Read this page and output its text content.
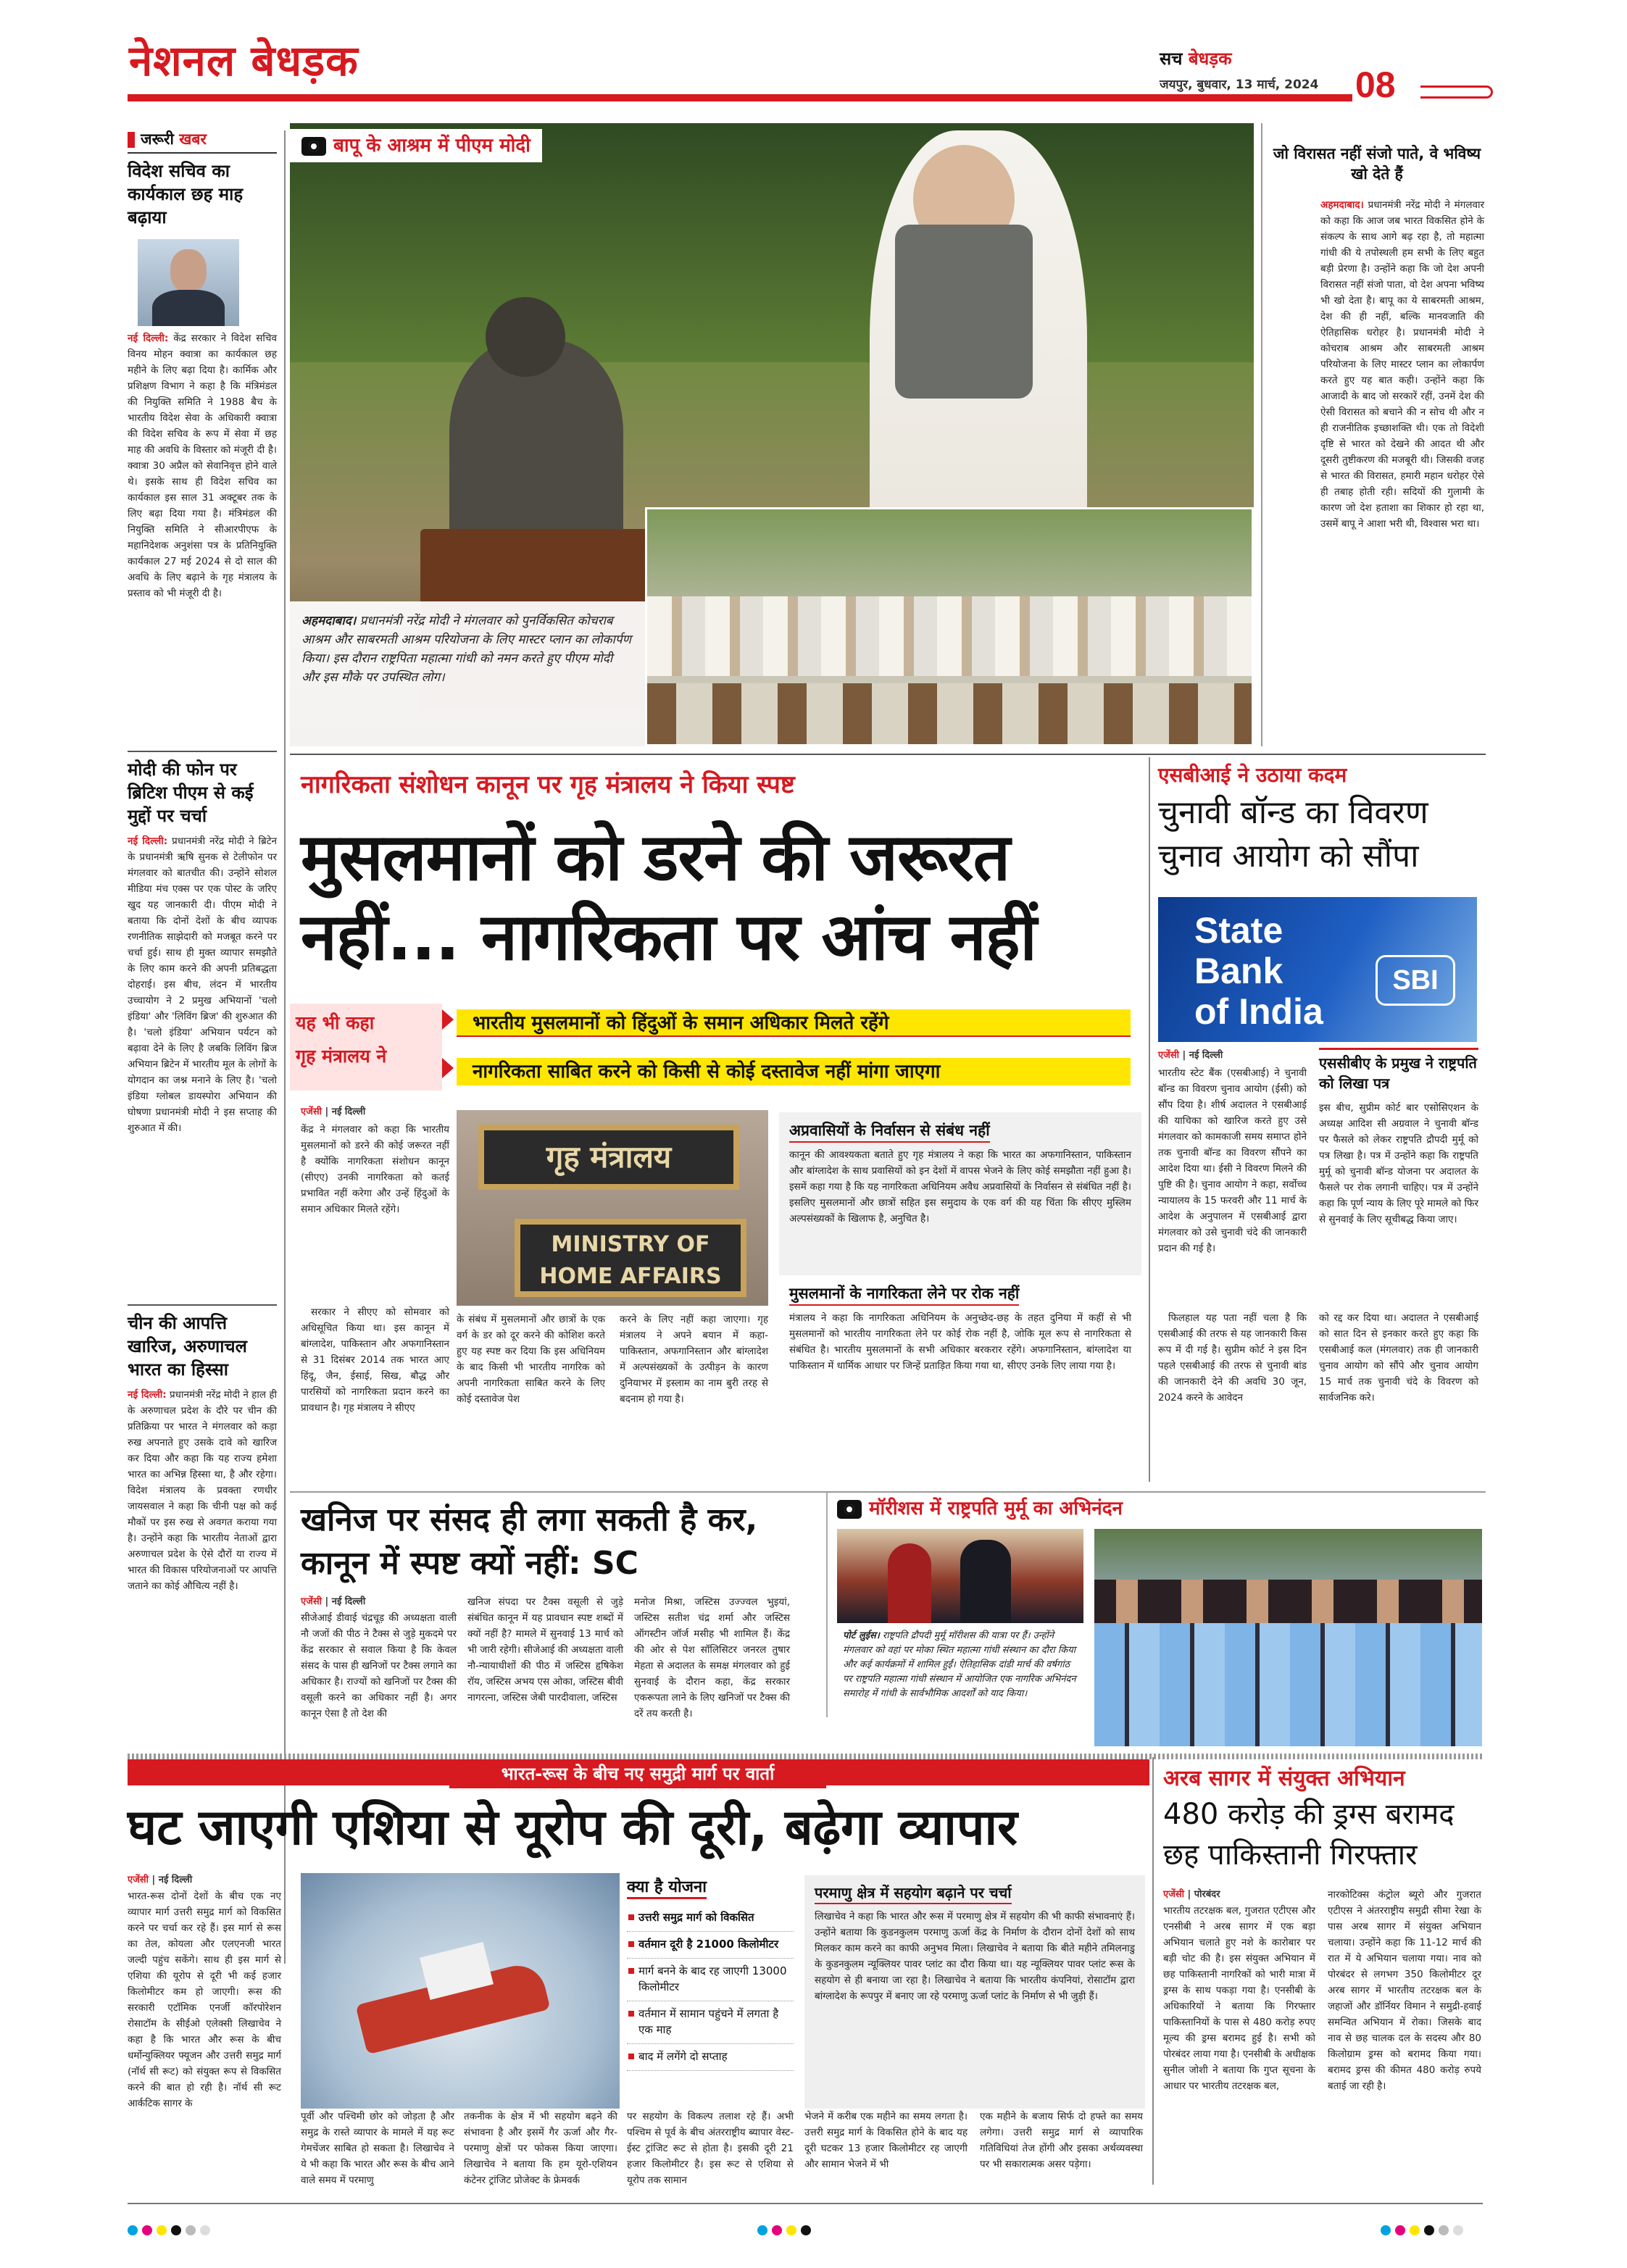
नेशनल बेधड़क	सच बेधड़क
जयपुर, बुधवार, 13 मार्च, 2024 08
जरूरी खबर
विदेश सचिव का कार्यकाल छह माह बढ़ाया
नई दिल्ली: केंद्र सरकार ने विदेश सचिव विनय मोहन क्वात्रा का कार्यकाल छह महीने के लिए बढ़ा दिया है। कार्मिक और प्रशिक्षण विभाग ने कहा है कि मंत्रिमंडल की नियुक्ति समिति ने 1988 बैच के भारतीय विदेश सेवा के अधिकारी क्वात्रा की विदेश सचिव के रूप में सेवा में छह माह की अवधि के विस्तार को मंजूरी दी है। क्वात्रा 30 अप्रैल को सेवानिवृत्त होने वाले थे। इसके साथ ही विदेश सचिव का कार्यकाल इस साल 31 अक्टूबर तक के लिए बढ़ा दिया गया है। मंत्रिमंडल की नियुक्ति समिति ने सीआरपीएफ के महानिदेशक अनुशंसा पत्र के प्रतिनियुक्ति कार्यकाल 27 मई 2024 से दो साल की अवधि के लिए बढ़ाने के गृह मंत्रालय के प्रस्ताव को भी मंजूरी दी है।
मोदी की फोन पर ब्रिटिश पीएम से कई मुद्दों पर चर्चा
नई दिल्ली: प्रधानमंत्री नरेंद्र मोदी ने ब्रिटेन के प्रधानमंत्री ऋषि सुनक से टेलीफोन पर मंगलवार को बातचीत की। उन्होंने सोशल मीडिया मंच एक्स पर एक पोस्ट के जरिए खुद यह जानकारी दी। पीएम मोदी ने बताया कि दोनों देशों के बीच व्यापक रणनीतिक साझेदारी को मजबूत करने पर चर्चा हुई। साथ ही मुक्त व्यापार समझौते के लिए काम करने की अपनी प्रतिबद्धता दोहराई। इस बीच, लंदन में भारतीय उच्चायोग ने 2 प्रमुख अभियानों 'चलो इंडिया' और 'लिविंग ब्रिज' की शुरुआत की है। 'चलो इंडिया' अभियान पर्यटन को बढ़ावा देने के लिए है जबकि लिविंग ब्रिज अभियान ब्रिटेन में भारतीय मूल के लोगों के योगदान का जश्न मनाने के लिए है। 'चलो इंडिया ग्लोबल डायस्पोरा अभियान की घोषणा प्रधानमंत्री मोदी ने इस सप्ताह की शुरुआत में की।
चीन की आपत्ति खारिज, अरुणाचल भारत का हिस्सा
नई दिल्ली: प्रधानमंत्री नरेंद्र मोदी ने हाल ही के अरुणाचल प्रदेश के दौरे पर चीन की प्रतिक्रिया पर भारत ने मंगलवार को कड़ा रुख अपनाते हुए उसके दावे को खारिज कर दिया और कहा कि यह राज्य हमेशा भारत का अभिन्न हिस्सा था, है और रहेगा। विदेश मंत्रालय के प्रवक्ता रणधीर जायसवाल ने कहा कि चीनी पक्ष को कई मौकों पर इस रुख से अवगत कराया गया है। उन्होंने कहा कि भारतीय नेताओं द्वारा अरुणाचल प्रदेश के ऐसे दौरों या राज्य में भारत की विकास परियोजनाओं पर आपत्ति जताने का कोई औचित्य नहीं है।
बापू के आश्रम में पीएम मोदी
अहमदाबाद। प्रधानमंत्री नरेंद्र मोदी ने मंगलवार को पुनर्विकसित कोचराब आश्रम और साबरमती आश्रम परियोजना के लिए मास्टर प्लान का लोकार्पण किया। इस दौरान राष्ट्रपिता महात्मा गांधी को नमन करते हुए पीएम मोदी और इस मौके पर उपस्थित लोग।
जो विरासत नहीं संजो पाते, वे भविष्य खो देते हैं
अहमदाबाद। प्रधानमंत्री नरेंद्र मोदी ने मंगलवार को कहा कि आज जब भारत विकसित होने के संकल्प के साथ आगे बढ़ रहा है, तो महात्मा गांधी की ये तपोस्थली हम सभी के लिए बहुत बड़ी प्रेरणा है। उन्होंने कहा कि जो देश अपनी विरासत नहीं संजो पाता, वो देश अपना भविष्य भी खो देता है। बापू का ये साबरमती आश्रम, देश की ही नहीं, बल्कि मानवजाति की ऐतिहासिक धरोहर है। प्रधानमंत्री मोदी ने कोचराब आश्रम और साबरमती आश्रम परियोजना के लिए मास्टर प्लान का लोकार्पण करते हुए यह बात कही। उन्होंने कहा कि आजादी के बाद जो सरकारें रहीं, उनमें देश की ऐसी विरासत को बचाने की न सोच थी और न ही राजनीतिक इच्छाशक्ति थी। एक तो विदेशी दृष्टि से भारत को देखने की आदत थी और दूसरी तुष्टीकरण की मजबूरी थी। जिसकी वजह से भारत की विरासत, हमारी महान धरोहर ऐसे ही तबाह होती रही। सदियों की गुलामी के कारण जो देश हताशा का शिकार हो रहा था, उसमें बापू ने आशा भरी थी, विश्वास भरा था।
नागरिकता संशोधन कानून पर गृह मंत्रालय ने किया स्पष्ट
मुसलमानों को डरने की जरूरत
नहीं... नागरिकता पर आंच नहीं
यह भी कहा
गृह मंत्रालय ने
भारतीय मुसलमानों को हिंदुओं के समान अधिकार मिलते रहेंगे
नागरिकता साबित करने को किसी से कोई दस्तावेज नहीं मांगा जाएगा
एजेंसी | नई दिल्ली
केंद्र ने मंगलवार को कहा कि भारतीय मुसलमानों को डरने की कोई जरूरत नहीं है क्योंकि नागरिकता संशोधन कानून (सीएए) उनकी नागरिकता को कतई प्रभावित नहीं करेगा और उन्हें हिंदुओं के समान अधिकार मिलते रहेंगे।
सरकार ने सीएए को सोमवार को अधिसूचित किया था। इस कानून में बांग्लादेश, पाकिस्तान और अफगानिस्तान से 31 दिसंबर 2014 तक भारत आए हिंदू, जैन, ईसाई, सिख, बौद्ध और पारसियों को नागरिकता प्रदान करने का प्रावधान है। गृह मंत्रालय ने सीएए
गृह मंत्रालय
MINISTRY OF HOME AFFAIRS
के संबंध में मुसलमानों और छात्रों के एक वर्ग के डर को दूर करने की कोशिश करते हुए यह स्पष्ट कर दिया कि इस अधिनियम के बाद किसी भी भारतीय नागरिक को अपनी नागरिकता साबित करने के लिए कोई दस्तावेज पेश
करने के लिए नहीं कहा जाएगा। गृह मंत्रालय ने अपने बयान में कहा- पाकिस्तान, अफगानिस्तान और बांग्लादेश में अल्पसंख्यकों के उत्पीड़न के कारण दुनियाभर में इस्लाम का नाम बुरी तरह से बदनाम हो गया है।
अप्रवासियों के निर्वासन से संबंध नहीं
कानून की आवश्यकता बताते हुए गृह मंत्रालय ने कहा कि भारत का अफगानिस्तान, पाकिस्तान और बांग्लादेश के साथ प्रवासियों को इन देशों में वापस भेजने के लिए कोई समझौता नहीं हुआ है। इसमें कहा गया है कि यह नागरिकता अधिनियम अवैध अप्रवासियों के निर्वासन से संबंधित नहीं है। इसलिए मुसलमानों और छात्रों सहित इस समुदाय के एक वर्ग की यह चिंता कि सीएए मुस्लिम अल्पसंख्यकों के खिलाफ है, अनुचित है।
मुसलमानों के नागरिकता लेने पर रोक नहीं
मंत्रालय ने कहा कि नागरिकता अधिनियम के अनुच्छेद-छह के तहत दुनिया में कहीं से भी मुसलमानों को भारतीय नागरिकता लेने पर कोई रोक नहीं है, जोकि मूल रूप से नागरिकता से संबंधित है। भारतीय मुसलमानों के सभी अधिकार बरकरार रहेंगे। अफगानिस्तान, बांग्लादेश या पाकिस्तान में धार्मिक आधार पर जिन्हें प्रताड़ित किया गया था, सीएए उनके लिए लाया गया है।
एसबीआई ने उठाया कदम
चुनावी बॉन्ड का विवरण चुनाव आयोग को सौंपा
State
Bank
of India
SBI
एजेंसी | नई दिल्ली
भारतीय स्टेट बैंक (एसबीआई) ने चुनावी बॉन्ड का विवरण चुनाव आयोग (ईसी) को सौंप दिया है। शीर्ष अदालत ने एसबीआई की याचिका को खारिज करते हुए उसे मंगलवार को कामकाजी समय समाप्त होने तक चुनावी बॉन्ड का विवरण सौंपने का आदेश दिया था। ईसी ने विवरण मिलने की पुष्टि की है। चुनाव आयोग ने कहा, सर्वोच्च न्यायालय के 15 फरवरी और 11 मार्च के आदेश के अनुपालन में एसबीआई द्वारा मंगलवार को उसे चुनावी चंदे की जानकारी प्रदान की गई है।
फिलहाल यह पता नहीं चला है कि एसबीआई की तरफ से यह जानकारी किस रूप में दी गई है। सुप्रीम कोर्ट ने इस दिन पहले एसबीआई की तरफ से चुनावी बांड की जानकारी देने की अवधि 30 जून, 2024 करने के आवेदन
एससीबीए के प्रमुख ने राष्ट्रपति को लिखा पत्र
इस बीच, सुप्रीम कोर्ट बार एसोसिएशन के अध्यक्ष आदिश सी अग्रवाल ने चुनावी बॉन्ड पर फैसले को लेकर राष्ट्रपति द्रौपदी मुर्मू को पत्र लिखा है। पत्र में उन्होंने कहा कि राष्ट्रपति मुर्मू को चुनावी बॉन्ड योजना पर अदालत के फैसले पर रोक लगानी चाहिए। पत्र में उन्होंने कहा कि पूर्ण न्याय के लिए पूरे मामले को फिर से सुनवाई के लिए सूचीबद्ध किया जाए।
को रद्द कर दिया था। अदालत ने एसबीआई को सात दिन से इनकार करते हुए कहा कि एसबीआई कल (मंगलवार) तक ही जानकारी चुनाव आयोग को सौंपे और चुनाव आयोग 15 मार्च तक चुनावी चंदे के विवरण को सार्वजनिक करे।
खनिज पर संसद ही लगा सकती है कर, कानून में स्पष्ट क्यों नहीं: SC
एजेंसी | नई दिल्ली
सीजेआई डीवाई चंद्रचूड़ की अध्यक्षता वाली नौ जजों की पीठ ने टैक्स से जुड़े मुकदमे पर केंद्र सरकार से सवाल किया है कि केवल संसद के पास ही खनिजों पर टैक्स लगाने का अधिकार है। राज्यों को खनिजों पर टैक्स की वसूली करने का अधिकार नहीं है। अगर कानून ऐसा है तो देश की
खनिज संपदा पर टैक्स वसूली से जुड़े संबंधित कानून में यह प्रावधान स्पष्ट शब्दों में क्यों नहीं है? मामले में सुनवाई 13 मार्च को भी जारी रहेगी। सीजेआई की अध्यक्षता वाली नौ-न्यायाधीशों की पीठ में जस्टिस हृषिकेश रॉय, जस्टिस अभय एस ओका, जस्टिस बीवी नागरत्ना, जस्टिस जेबी पारदीवाला, जस्टिस
मनोज मिश्रा, जस्टिस उज्ज्वल भुइयां, जस्टिस सतीश चंद्र शर्मा और जस्टिस ऑगस्टीन जॉर्ज मसीह भी शामिल हैं। केंद्र की ओर से पेश सॉलिसिटर जनरल तुषार मेहता से अदालत के समक्ष मंगलवार को हुई सुनवाई के दौरान कहा, केंद्र सरकार एकरूपता लाने के लिए खनिजों पर टैक्स की दरें तय करती है।
मॉरीशस में राष्ट्रपति मुर्मू का अभिनंदन
पोर्ट लुईस। राष्ट्रपति द्रौपदी मुर्मू मॉरीशस की यात्रा पर हैं। उन्होंने मंगलवार को वहां पर मोका स्थित महात्मा गांधी संस्थान का दौरा किया और कई कार्यक्रमों में शामिल हुईं। ऐतिहासिक दांडी मार्च की वर्षगांठ पर राष्ट्रपति महात्मा गांधी संस्थान में आयोजित एक नागरिक अभिनंदन समारोह में गांधी के सार्वभौमिक आदर्शों को याद किया।
भारत-रूस के बीच नए समुद्री मार्ग पर वार्ता
घट जाएगी एशिया से यूरोप की दूरी, बढ़ेगा व्यापार
एजेंसी | नई दिल्ली
भारत-रूस दोनों देशों के बीच एक नए व्यापार मार्ग उत्तरी समुद्र मार्ग को विकसित करने पर चर्चा कर रहे हैं। इस मार्ग से रूस का तेल, कोयला और एलएनजी भारत जल्दी पहुंच सकेंगे। साथ ही इस मार्ग से एशिया की यूरोप से दूरी भी कई हजार किलोमीटर कम हो जाएगी। रूस की सरकारी एटॉमिक एनर्जी कॉरपोरेशन रोसाटॉम के सीईओ एलेक्सी लिखाचेव ने कहा है कि भारत और रूस के बीच धर्मोन्युक्लियर फ्यूजन और उत्तरी समुद्र मार्ग (नॉर्थ सी रूट) को संयुक्त रूप से विकसित करने की बात हो रही है। नॉर्थ सी रूट आर्कटिक सागर के
पूर्वी और पश्चिमी छोर को जोड़ता है और समुद्र के रास्ते व्यापार के मामले में यह रूट गेमचेंजर साबित हो सकता है। लिखाचेव ने ये भी कहा कि भारत और रूस के बीच आने वाले समय में परमाणु
तकनीक के क्षेत्र में भी सहयोग बढ़ने की संभावना है और इसमें गैर ऊर्जा और गैर-परमाणु क्षेत्रों पर फोकस किया जाएगा। लिखाचेव ने बताया कि हम यूरो-एशियन कंटेनर ट्रांजिट प्रोजेक्ट के फ्रेमवर्क
क्या है योजना
उत्तरी समुद्र मार्ग को विकसित
वर्तमान दूरी है 21000 किलोमीटर
मार्ग बनने के बाद रह जाएगी 13000 किलोमीटर
वर्तमान में सामान पहुंचने में लगता है एक माह
बाद में लगेंगे दो सप्ताह
पर सहयोग के विकल्प तलाश रहे हैं। अभी पश्चिम से पूर्व के बीच अंतरराष्ट्रीय ब्यापार वेस्ट-ईस्ट ट्रांजिट रूट से होता है। इसकी दूरी 21 हजार किलोमीटर है। इस रूट से एशिया से यूरोप तक सामान
परमाणु क्षेत्र में सहयोग बढ़ाने पर चर्चा
लिखाचेव ने कहा कि भारत और रूस में परमाणु क्षेत्र में सहयोग की भी काफी संभावनाएं हैं। उन्होंने बताया कि कुडनकुलम परमाणु ऊर्जा केंद्र के निर्माण के दौरान दोनों देशों को साथ मिलकर काम करने का काफी अनुभव मिला। लिखाचेव ने बताया कि बीते महीने तमिलनाडु के कुडनकुलम न्यूक्लियर पावर प्लांट का दौरा किया था। यह न्यूक्लियर पावर प्लांट रूस के सहयोग से ही बनाया जा रहा है। लिखाचेव ने बताया कि भारतीय कंपनियां, रोसाटॉम द्वारा बांग्लादेश के रूपपुर में बनाए जा रहे परमाणु ऊर्जा प्लांट के निर्माण से भी जुड़ी हैं।
भेजने में करीब एक महीने का समय लगता है। उत्तरी समुद्र मार्ग के विकसित होने के बाद यह दूरी घटकर 13 हजार किलोमीटर रह जाएगी और सामान भेजने में भी
एक महीने के बजाय सिर्फ दो हफ्ते का समय लगेगा। उत्तरी समुद्र मार्ग से व्यापारिक गतिविधियां तेज होंगी और इसका अर्थव्यवस्था पर भी सकारात्मक असर पड़ेगा।
अरब सागर में संयुक्त अभियान
480 करोड़ की ड्रग्स बरामद छह पाकिस्तानी गिरफ्तार
एजेंसी | पोरबंदर
भारतीय तटरक्षक बल, गुजरात एटीएस और एनसीबी ने अरब सागर में एक बड़ा अभियान चलाते हुए नशे के कारोबार पर बड़ी चोट की है। इस संयुक्त अभियान में छह पाकिस्तानी नागरिकों को भारी मात्रा में ड्रग्स के साथ पकड़ा गया है। एनसीबी के अधिकारियों ने बताया कि गिरफ्तार पाकिस्तानियों के पास से 480 करोड़ रुपए मूल्य की ड्रग्स बरामद हुई है। सभी को पोरबंदर लाया गया है। एनसीबी के अधीक्षक सुनील जोशी ने बताया कि गुप्त सूचना के आधार पर भारतीय तटरक्षक बल,
नारकोटिक्स कंट्रोल ब्यूरो और गुजरात एटीएस ने अंतरराष्ट्रीय समुद्री सीमा रेखा के पास अरब सागर में संयुक्त अभियान चलाया। उन्होंने कहा कि 11-12 मार्च की रात में ये अभियान चलाया गया। नाव को पोरबंदर से लगभग 350 किलोमीटर दूर अरब सागर में भारतीय तटरक्षक बल के जहाजों और डॉर्नियर विमान ने समुद्री-हवाई समन्वित अभियान में रोका। जिसके बाद नाव से छह चालक दल के सदस्य और 80 किलोग्राम ड्रग्स को बरामद किया गया। बरामद ड्रग्स की कीमत 480 करोड़ रुपये बताई जा रही है।
